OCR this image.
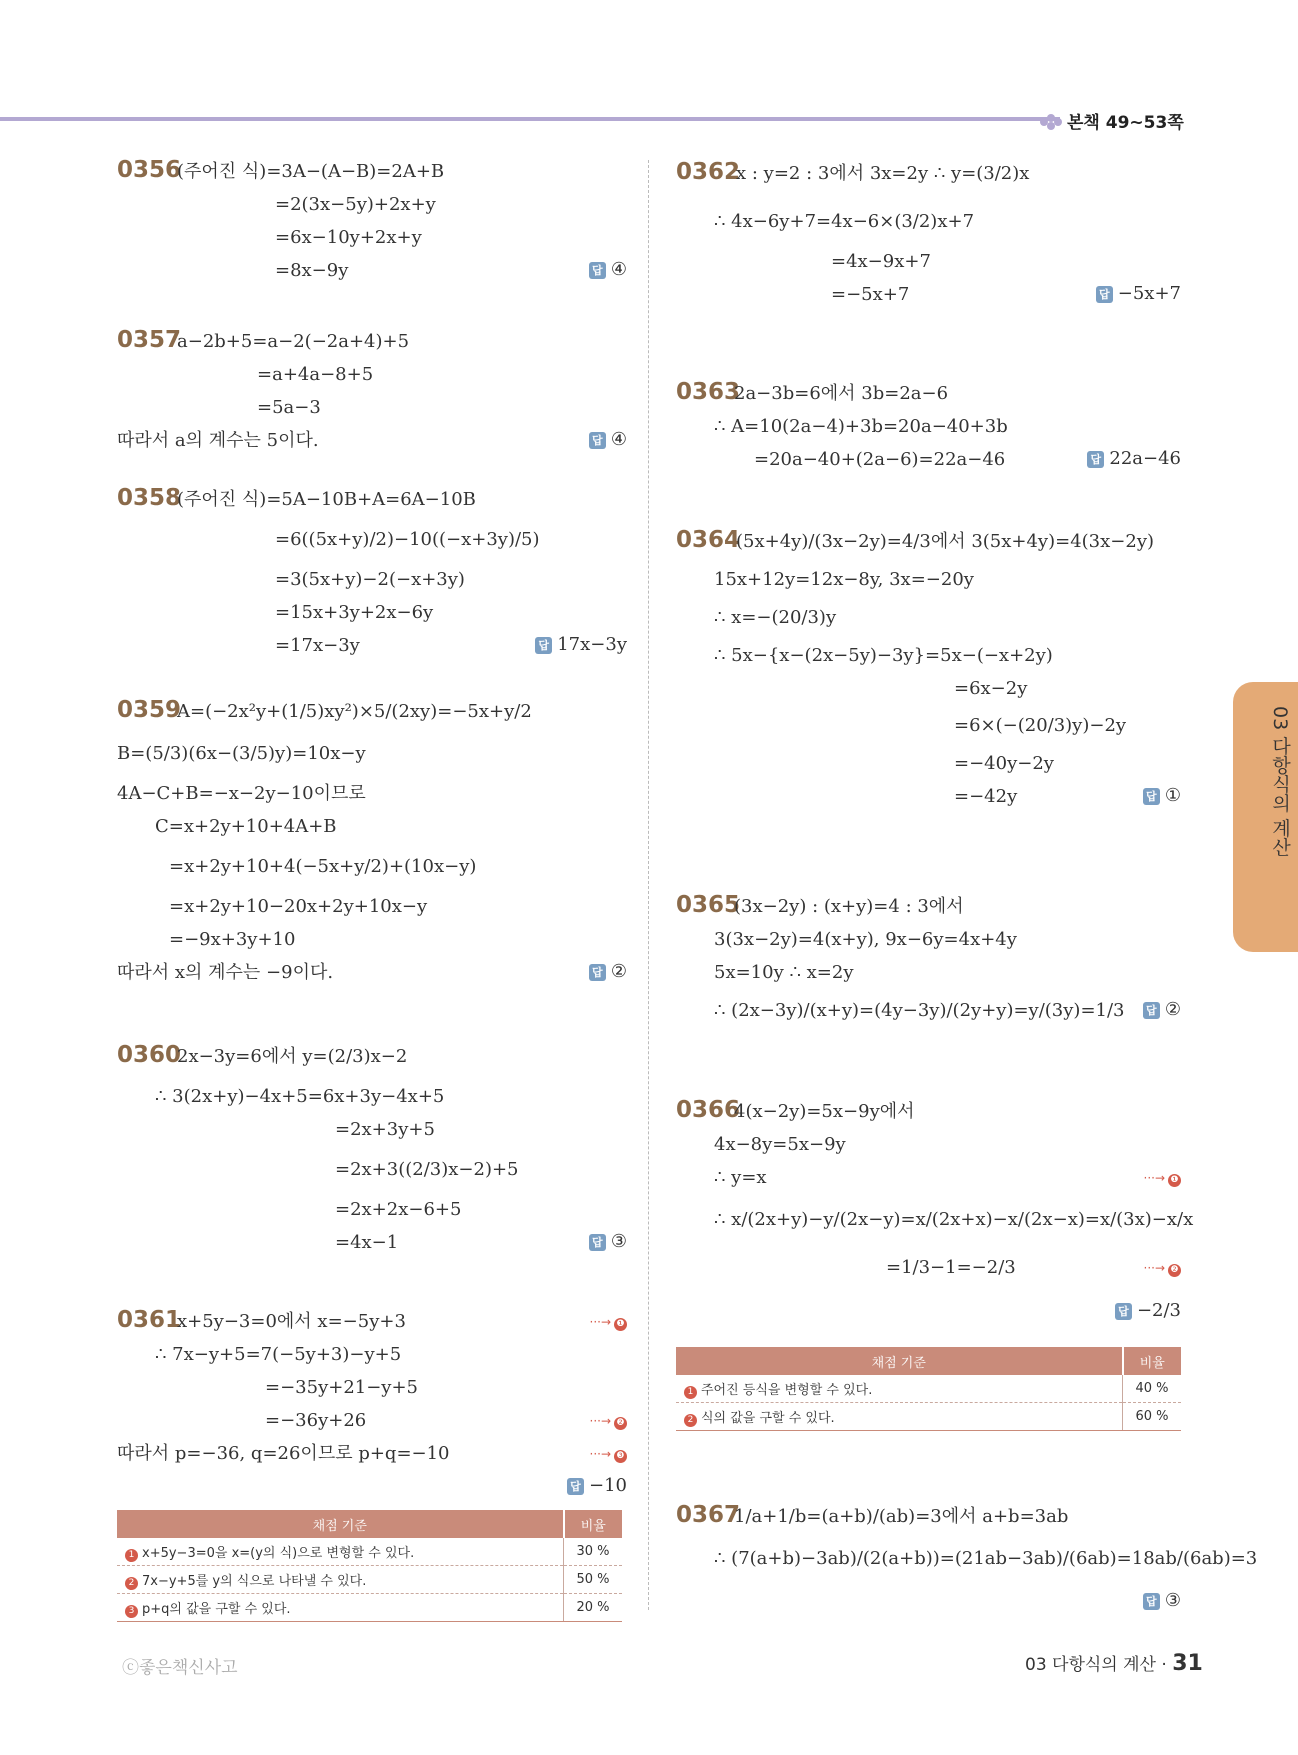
본책 49~53쪽
0356
(주어진 식)=3A−(A−B)=2A+B
=2(3x−5y)+2x+y
=6x−10y+2x+y
=8x−9y	답 ④
0357
a−2b+5=a−2(−2a+4)+5
=a+4a−8+5
=5a−3
따라서 a의 계수는 5이다.	답 ④
0358
(주어진 식)=5A−10B+A=6A−10B
=6((5x+y)/2)−10((−x+3y)/5)
=3(5x+y)−2(−x+3y)
=15x+3y+2x−6y
=17x−3y	답 17x−3y
0359
A=(−2x²y+(1/5)xy²)×5/(2xy)=−5x+y/2
B=(5/3)(6x−(3/5)y)=10x−y
4A−C+B=−x−2y−10이므로
C=x+2y+10+4A+B
=x+2y+10+4(−5x+y/2)+(10x−y)
=x+2y+10−20x+2y+10x−y
=−9x+3y+10
따라서 x의 계수는 −9이다.	답 ②
0360
2x−3y=6에서 y=(2/3)x−2
∴ 3(2x+y)−4x+5=6x+3y−4x+5
=2x+3y+5
=2x+3((2/3)x−2)+5
=2x+2x−6+5
=4x−1	답 ③
0361
x+5y−3=0에서 x=−5y+3	···→ ❶
∴ 7x−y+5=7(−5y+3)−y+5
=−35y+21−y+5
=−36y+26	···→ ❷
따라서 p=−36, q=26이므로 p+q=−10	···→ ❸
답 −10
채점 기준	비율
1 x+5y−3=0을 x=(y의 식)으로 변형할 수 있다.	30 %
2 7x−y+5를 y의 식으로 나타낼 수 있다.	50 %
3 p+q의 값을 구할 수 있다.	20 %
0362
x : y=2 : 3에서 3x=2y ∴ y=(3/2)x
∴ 4x−6y+7=4x−6×(3/2)x+7
=4x−9x+7
=−5x+7	답 −5x+7
0363
2a−3b=6에서 3b=2a−6
∴ A=10(2a−4)+3b=20a−40+3b
=20a−40+(2a−6)=22a−46	답 22a−46
0364
(5x+4y)/(3x−2y)=4/3에서 3(5x+4y)=4(3x−2y)
15x+12y=12x−8y, 3x=−20y
∴ x=−(20/3)y
∴ 5x−{x−(2x−5y)−3y}=5x−(−x+2y)
=6x−2y
=6×(−(20/3)y)−2y
=−40y−2y
=−42y	답 ①
0365
(3x−2y) : (x+y)=4 : 3에서
3(3x−2y)=4(x+y), 9x−6y=4x+4y
5x=10y ∴ x=2y
∴ (2x−3y)/(x+y)=(4y−3y)/(2y+y)=y/(3y)=1/3 답 ②
0366
4(x−2y)=5x−9y에서
4x−8y=5x−9y
∴ y=x	···→ ❶
∴ x/(2x+y)−y/(2x−y)=x/(2x+x)−x/(2x−x)=x/(3x)−x/x
=1/3−1=−2/3	···→ ❷
답 −2/3
채점 기준	비율
1 주어진 등식을 변형할 수 있다.	40 %
2 식의 값을 구할 수 있다.	60 %
0367
1/a+1/b=(a+b)/(ab)=3에서 a+b=3ab
∴ (7(a+b)−3ab)/(2(a+b))=(21ab−3ab)/(6ab)=18ab/(6ab)=3
답 ③
03 다항식의 계산
ⓒ좋은책신사고	03 다항식의 계산 · 31
